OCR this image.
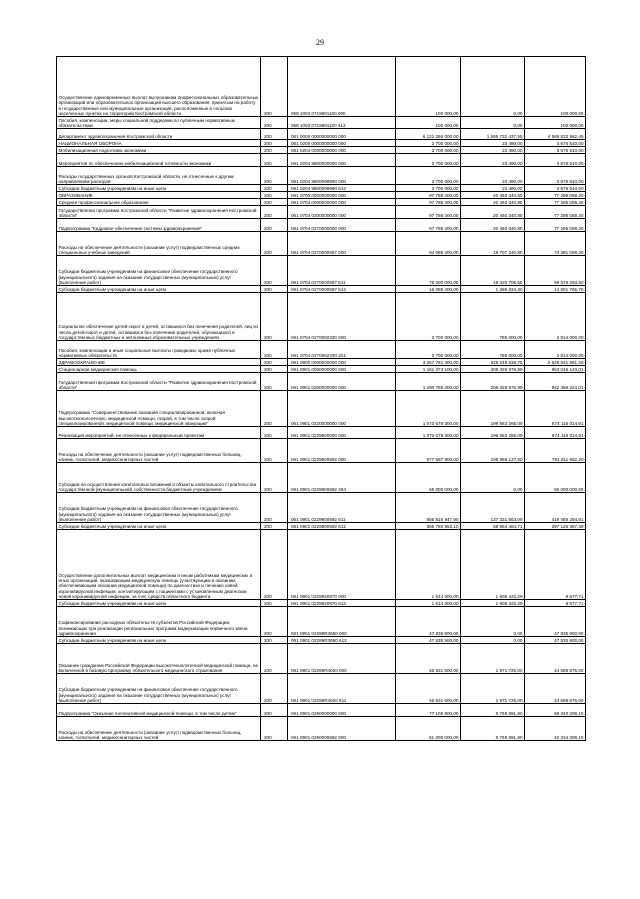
29
Осуществление единовременных выплат выпускникам профессиональных образовательных организаций или образовательных организаций высшего образования, принятым на работу в государственные или муниципальные организации, расположенные в сельских населенных пунктах на территории Костромской области	200	058 1003 0719961100 000	100 000,00	0,00	100 000,00
Пособия, компенсации, меры социальной поддержки по публичным нормативным обязательствам	200	058 1003 0719961100 313	100 000,00	0,00	100 000,00
Департамент здравоохранения Костромской области	200	061 0000 0000000000 000	6 121 266 000,00	1 555 732 437,55	4 565 533 562,45
НАЦИОНАЛЬНАЯ ОБОРОНА	200	061 0200 0000000000 000	3 700 000,00	23 490,00	3 676 510,00
Мобилизационная подготовка экономики	200	061 0204 0000000000 000	3 700 000,00	23 490,00	3 676 510,00
Мероприятия по обеспечению мобилизационной готовности экономики	200	061 0204 9800000000 000	3 700 000,00	23 490,00	3 676 510,00
Расходы государственных органов Костромской области, не отнесенные к другим направлениям расходов	200	061 0204 9800099990 000	3 700 000,00	23 490,00	3 676 510,00
Субсидии бюджетным учреждениям на иные цели	200	061 0204 9800099990 612	3 700 000,00	23 490,00	3 676 510,00
ОБРАЗОВАНИЕ	200	061 0700 0000000000 000	97 788 400,00	20 493 340,80	77 295 059,20
Среднее профессиональное образование	200	061 0704 0000000000 000	97 788 400,00	20 493 340,80	77 295 059,20
Государственная программа Костромской области "Развитие здравоохранения Костромской области"	200	061 0704 0200000000 000	97 788 400,00	20 493 340,80	77 295 059,20
Подпрограмма "Кадровое обеспечение системы здравоохранения"	200	061 0704 0270000000 000	97 788 400,00	20 493 340,80	77 295 059,20
Расходы на обеспечение деятельности (оказание услуг) подведомственных средних специальных учебных заведений	200	061 0704 0270000597 000	94 088 400,00	19 707 340,80	74 381 059,20
Субсидии бюджетным учреждениям на финансовое обеспечение государственного (муниципального) задания на оказание государственных (муниципальных) услуг (выполнение работ)	200	061 0704 0270000597 611	78 000 000,00	18 420 706,50	59 579 293,50
Субсидии бюджетным учреждениям на иные цели	200	061 0704 0270000597 612	16 088 400,00	1 286 634,30	14 801 765,70
Социальное обеспечение детей-сирот и детей, оставшихся без попечения родителей, лиц из числа детей-сирот и детей, оставшихся без попечения родителей, обучающихся в государственных бюджетных и автономных образовательных учреждениях	200	061 0704 0270082330 000	3 700 000,00	786 000,00	2 914 000,00
Пособия, компенсации и иные социальные выплаты гражданам, кроме публичных нормативных обязательств	200	061 0704 0270082330 321	3 700 000,00	786 000,00	2 914 000,00
ЗДРАВООХРАНЕНИЕ	200	061 0900 0000000000 000	3 257 781 400,00	629 249 538,75	2 628 531 861,25
Стационарная медицинская помощь	200	061 0901 0000000000 000	1 161 374 100,00	208 328 976,99	953 045 123,01
Государственная программа Костромской области "Развитие здравоохранения Костромской области"	200	061 0901 0200000000 000	1 150 785 200,00	208 328 976,99	942 456 223,01
Подпрограмма "Совершенствование оказания специализированной, включая высокотехнологичную, медицинской помощи, скорой, в том числе скорой специализированной, медицинской помощи, медицинской эвакуации"	200	061 0901 0220000000 000	1 073 679 300,00	199 563 285,09	874 116 014,91
Реализация мероприятий, не отнесенных к федеральным проектам	200	061 0901 0229900000 000	1 073 679 300,00	199 563 285,09	874 116 014,91
Расходы на обеспечение деятельности (оказание услуг) подведомственных больниц, клиник, госпиталей, медикосанитарных частей	200	061 0901 0229900592 000	977 597 800,00	195 986 137,80	781 611 662,20
Субсидии на осуществление капитальных вложений в объекты капитального строительства государственной (муниципальной) собственности бюджетным учреждениям	200	061 0901 0229900592 464	65 000 000,00	0,00	65 000 000,00
Субсидии бюджетным учреждениям на финансовое обеспечение государственного (муниципального) задания на оказание государственных (муниципальных) услуг (выполнение работ)	200	061 0901 0229900592 611	556 816 947,90	137 331 653,09	419 485 294,81
Субсидии бюджетным учреждениям на иные цели	200	061 0901 0229900592 612	355 780 852,10	58 654 484,71	297 126 367,39
Осуществление дополнительных выплат медицинским и иным работникам медицинских и иных организаций, оказывающим медицинскую помощь (участвующим в оказании, обеспечивающим оказание медицинской помощи) по диагностике и лечению новой коронавирусной инфекции, контактирующим с пациентами с установленным диагнозом новой коронавирусной инфекции, за счет средств областного бюджета	200	061 0901 0229920870 000	1 614 000,00	1 605 422,29	8 577,71
Субсидии бюджетным учреждениям на иные цели	200	061 0901 0229920870 612	1 614 000,00	1 605 422,29	8 577,71
Софинансирование расходных обязательств субъектов Российской Федерации, возникающих при реализации региональных программ модернизации первичного звена здравоохранения	200	061 0901 02299R3650 000	47 835 900,00	0,00	47 835 900,00
Субсидии бюджетным учреждениям на иные цели	200	061 0901 02299R3650 612	47 835 900,00	0,00	47 835 900,00
Оказание гражданам Российской Федерации высокотехнологичной медицинской помощи, не включенной в базовую программу обязательного медицинского страхования	200	061 0901 02299R4020 000	46 631 600,00	1 971 725,00	44 659 875,00
Субсидии бюджетным учреждениям на финансовое обеспечение государственного (муниципального) задания на оказание государственных (муниципальных) услуг (выполнение работ)	200	061 0901 02299R4020 611	46 631 600,00	1 971 725,00	44 659 875,00
Подпрограмма "Оказание паллиативной медицинской помощи, в том числе детям"	200	061 0901 0260000000 000	77 105 900,00	8 765 691,90	68 340 208,10
Расходы на обеспечение деятельности (оказание услуг) подведомственных больниц, клиник, госпиталей, медикосанитарных частей	200	061 0901 0260000592 000	51 000 000,00	8 765 691,90	42 234 308,10
